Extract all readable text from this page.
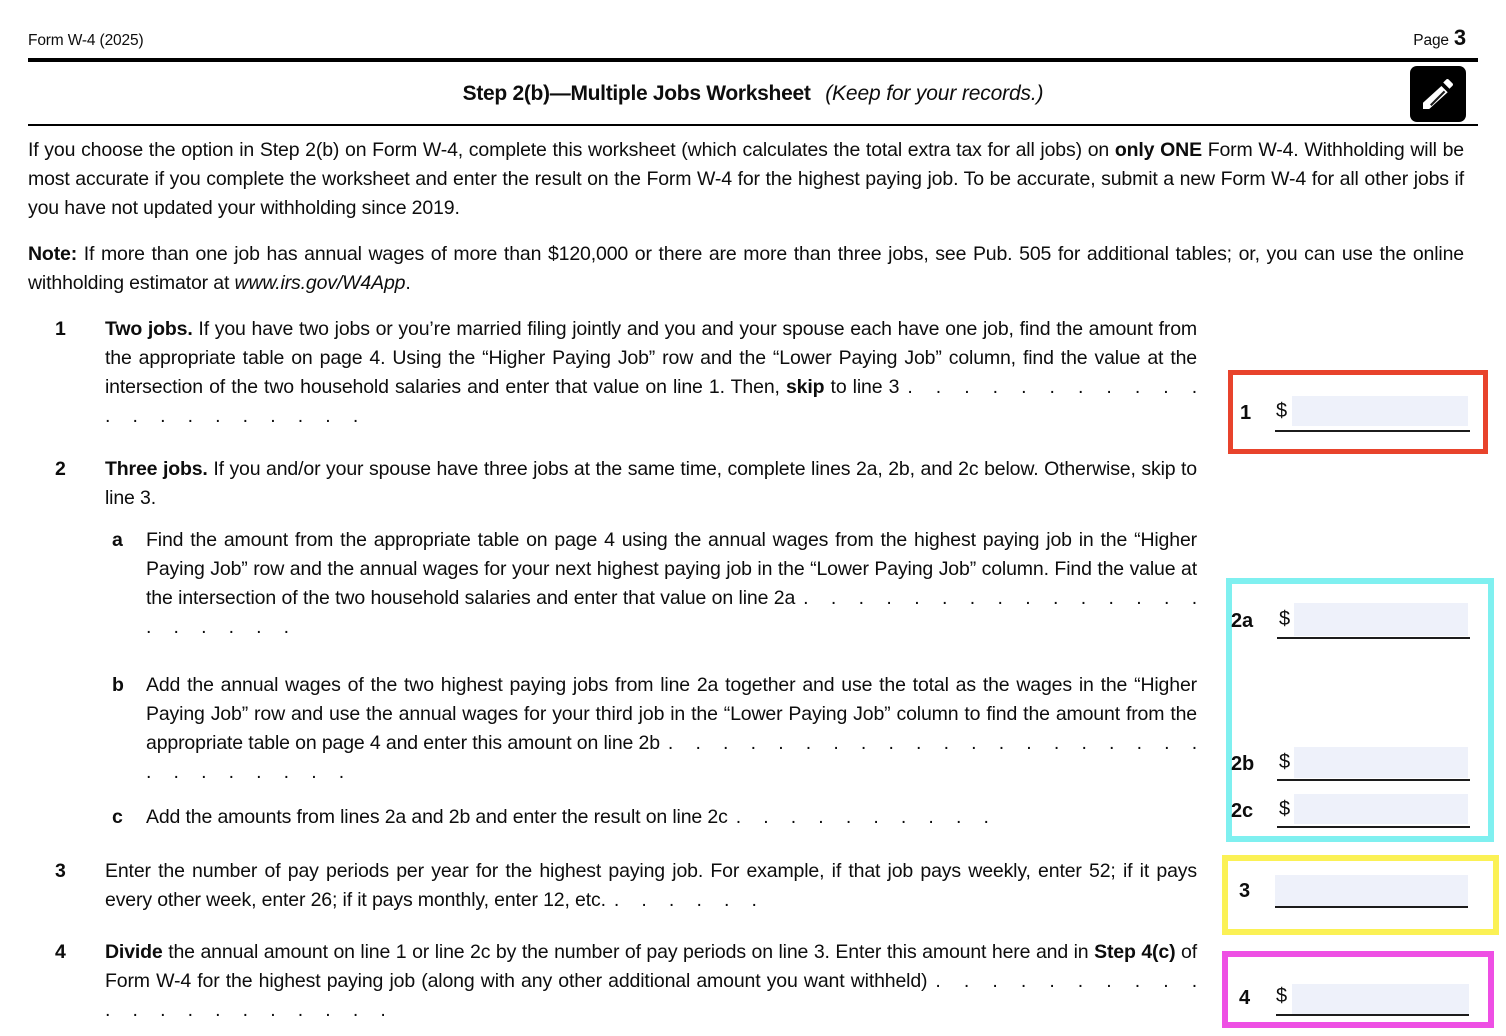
Form W-4 (2025)	Page 3
Step 2(b)—Multiple Jobs Worksheet (Keep for your records.)

If you choose the option in Step 2(b) on Form W-4, complete this worksheet (which calculates the total extra tax for all jobs) on only ONE Form W-4. Withholding will be most accurate if you complete the worksheet and enter the result on the Form W-4 for the highest paying job. To be accurate, submit a new Form W-4 for all other jobs if you have not updated your withholding since 2019.

Note: If more than one job has annual wages of more than $120,000 or there are more than three jobs, see Pub. 505 for additional tables; or, you can use the online withholding estimator at www.irs.gov/W4App.

1 Two jobs. If you have two jobs or you’re married filing jointly and you and your spouse each have one job, find the amount from the appropriate table on page 4. Using the “Higher Paying Job” row and the “Lower Paying Job” column, find the value at the intersection of the two household salaries and enter that value on line 1. Then, skip to line 3 . . . . . . . . . . . . . . . . . . . . .

2 Three jobs. If you and/or your spouse have three jobs at the same time, complete lines 2a, 2b, and 2c below. Otherwise, skip to line 3.

a Find the amount from the appropriate table on page 4 using the annual wages from the highest paying job in the “Higher Paying Job” row and the annual wages for your next highest paying job in the “Lower Paying Job” column. Find the value at the intersection of the two household salaries and enter that value on line 2a . . . . . . . . . . . . . . . . . . . . .

b Add the annual wages of the two highest paying jobs from line 2a together and use the total as the wages in the “Higher Paying Job” row and use the annual wages for your third job in the “Lower Paying Job” column to find the amount from the appropriate table on page 4 and enter this amount on line 2b . . . . . . . . . . . . . . . . . . . . . . . . . . . .

c Add the amounts from lines 2a and 2b and enter the result on line 2c . . . . . . . . . .

3 Enter the number of pay periods per year for the highest paying job. For example, if that job pays weekly, enter 52; if it pays every other week, enter 26; if it pays monthly, enter 12, etc. . . . . . .

4 Divide the annual amount on line 1 or line 2c by the number of pay periods on line 3. Enter this amount here and in Step 4(c) of Form W-4 for the highest paying job (along with any other additional amount you want withheld) . . . . . . . . . . . . . . . . . . . . .

1 $
2a $
2b $
2c $
3
4 $
